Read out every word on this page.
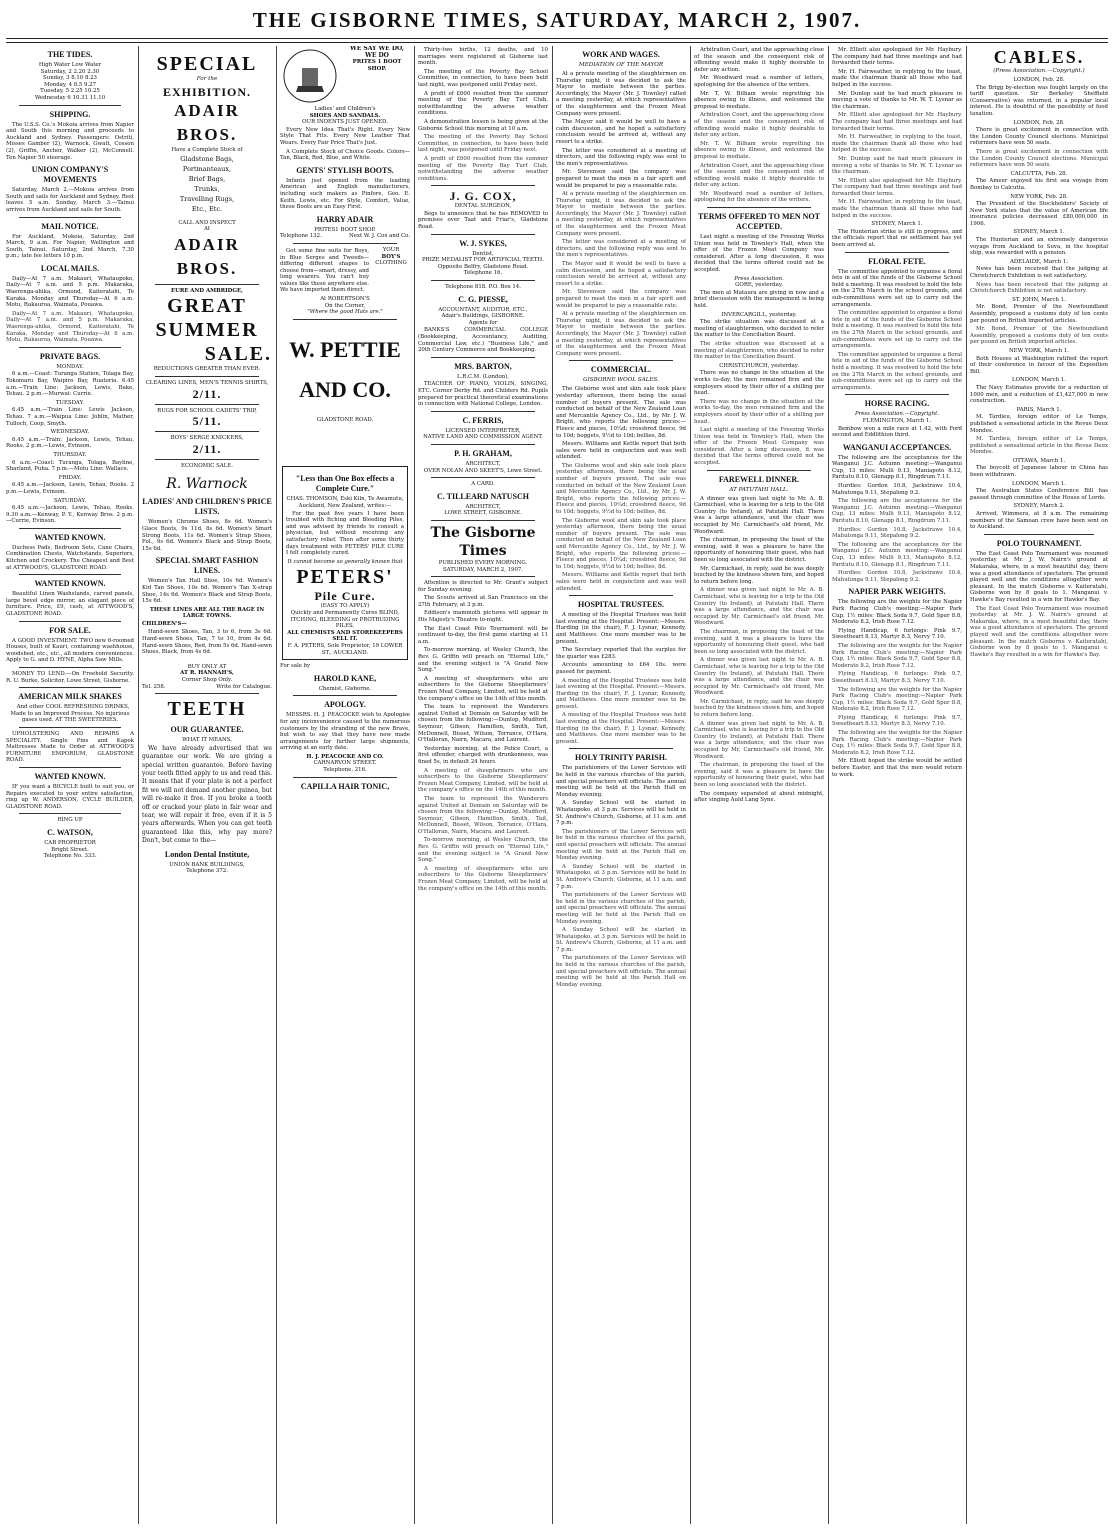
THE GISBORNE TIMES, SATURDAY, MARCH 2, 1907.
THE TIDES.
High Water Low Water
Saturday, 2 2.20 2.30
Sunday, 3 8.10 8.23
Monday, 4 8.5 9.27
Tuesday, 5 2.25 10.25
Wednesday 6 10.31 11.10
SHIPPING.
The U.S.S. Co.'s Mokoia arrives from Napier and South this morning and proceeds to Auckland and Sydney. Passengers: Ostriti, Misses Gamber (2), Warnock, Gwatt, Cosson (2), Griffin, Anchor, Walker (2), McConnell. Ten Napier 50 steerage.
UNION COMPANY'S MOVEMENTS
Saturday, March 2.—Mokoia arrives from South and sails for Auckland and Sydney. Rest leaves 5 a.m. Sunday, March 3.—Tainui arrives from Auckland and sails for South.
MAIL NOTICE.
For Auckland, Mokoia, Saturday, 2nd March, 9 a.m. For Napier, Wellington and South, Tainui, Saturday, 2nd March, 7.30 p.m.; late fee letters 10 p.m.
LOCAL MAILS.
Daily—At 7 a.m. Makauri, Whataupoko, Daily—At 7 a.m. and 5 p.m. Makaraka, Waerenga-ahika, Ormond, Kaiteratahi, Te Karaka. Monday and Thursday—At 6 a.m. Motu, Rakauroa, Waimata, Pouawa.
Daily—At 7 a.m. Makauri, Whataupoko, Daily—At 7 a.m. and 5 p.m. Makaraka, Waerenga-ahika, Ormond, Kaiteratahi, Te Karaka. Monday and Thursday—At 6 a.m. Motu, Rakauroa, Waimata, Pouawa.
PRIVATE BAGS.
MONDAY.
6 a.m.—Coast: Turanga Station, Tolaga Bay, Tokomaru Bay, Waipiro Bay, Ruatoria. 6.45 a.m.—Train Line: Jackson, Lewis, Bake, Tehau. 2 p.m.—Murwai: Currie.
TUESDAY.
6.45 a.m.—Train Line: Lewis Jackson, Tehau. 7 a.m.—Waipua Line: Joblin, Mather, Tulloch, Coop, Smyth.
WEDNESDAY.
6.45 a.m.—Train: Jackson, Lewis, Tehau, Rooks. 2 p.m.—Lewis, Evinson.
THURSDAY.
6 a.m.—Coast: Turanga, Tolaga, Bayline, Sharland, Puha. 7 p.m.—Motu Line: Wallace.
FRIDAY.
6.45 a.m.—Jackson, Lewis, Tehau, Rooks. 2 p.m.—Lewis, Evinson.
SATURDAY.
6.45 a.m.—Jackson, Lewis, Tehau, Rooks. 9.30 a.m.—Kenway, P. Y., Kenway Bros. 2 p.m.—Currie, Evinson.
WANTED KNOWN.
Duchess Pads, Bedroom Sets, Cane Chairs, Combination Chests, Watchstands, Superiors, Kitchen and Crockery. The Cheapest and Best at ATTWOOD'S, GLADSTONE ROAD.
WANTED KNOWN.
Beautiful Linen Washstands, carved panels, large bevel edge mirror, an elegant piece of furniture. Price, £9, cash, at ATTWOOD'S, GLADSTONE ROAD.
FOR SALE.
A GOOD INVESTMENT. TWO new 6-roomed Houses, built of Kauri, containing washhouse, woodshed, etc., etc., all modern conveniences. Apply to G. and D. HYNE, Alpha Saw Mills.
MONEY TO LEND.—On Freehold Security. R. U. Burke, Solicitor, Lowe Street, Gisborne.
AMERICAN MILK SHAKES
And other COOL REFRESHING DRINKS, Made to an Improved Process. No injurious gases used. AT THE SWEETERIES.
UPHOLSTERING AND REPAIRS A SPECIALITY. Single Pins and Kapok Mattresses Made to Order at ATTWOOD'S FURNITURE EMPORIUM, GLADSTONE ROAD.
WANTED KNOWN.
IF you want a BICYCLE built to suit you, or Repairs executed to your entire satisfaction, ring up W. ANDERSON, CYCLE BUILDER, GLADSTONE ROAD.
RING UP
C. WATSON,
CAB PROPRIETOR
Bright Street.
Telephone No. 333.
SPECIAL
For the
EXHIBITION.
ADAIR BROS.
Have a Complete Stock of
Gladstone Bags,
Portmanteaux,
Brief Bags,
Trunks,
Travelling Rugs,
Etc., Etc.
CALL AND INSPECT
At
ADAIR BROS.
EURE AND AMBRIDGE,
GREAT
SUMMER
SALE.
REDUCTIONS GREATER THAN EVER.
CLEARING LINES, MEN'S TENNIS SHIRTS,
2/11.
RUGS FOR SCHOOL CADETS' TRIP,
5/11.
BOYS' SERGE KNICKERS,
2/11.
ECONOMIC SALE.
R. Warnock
LADIES' AND CHILDREN'S PRICE LISTS.
Women's Chrome Shoes, 8s 6d. Women's Glace Boots, 9s 11d, 8s 6d. Women's Smart Strong Boots, 11s 6d. Women's Strap Shoes, Fol., 9s 6d. Women's Black and Strap Boots, 15s 6d.
SPECIAL SMART FASHION LINES.
Women's Tan Hall Shoe, 10s 6d. Women's Kid Tan Shoes, 10s 6d. Women's Tan X-strap Shoe, 14s 6d. Women's Black and Strap Boots, 15s 6d.
THESE LINES ARE ALL THE RAGE IN LARGE TOWNS.
CHILDREN'S—
Hand-sewn Shoes, Tan, 3 to 6, from 3s 6d. Hand-sewn Shoes, Tan, 7 to 10, from 4s 6d. Hand-sewn Shoes, Red, from 5s 6d. Hand-sewn Shoes, Black, from 4s 6d.
BUY ONLY AT
AT R. HANNAH'S,
Corner Shop Only.
Tel. 258.	Write for Catalogue.
TEETH
OUR GUARANTEE.
WHAT IT MEANS.
We have already advertised that we guarantee our work. We are giving a special written guarantee. Before having your teeth fitted apply to us and read this. It means that if your plate is not a perfect fit we will not demand another guinea, but will re-make it free. If you broke a tooth off or cracked your plate in fair wear and tear, we will repair it free, even if it is 5 years afterwards. When you can get teeth guaranteed like this, why pay more? Don't, but come to the—
London Dental Institute,
UNION BANK BUILDINGS,
Telephone 372.
WE SAY WE DO, WE DO
PRITES 1 BOOT SHOP.
Ladies' and Children's
SHOES AND SANDALS.
OUR INDENTS JUST OPENED.
Every New Idea That's Right. Every New Style That Fits. Every New Leather That Wears. Every Fair Price That's Just.
A Complete Stock of Choice Goods. Colors—Tan, Black, Red, Blue, and White.
GENTS' STYLISH BOOTS.
Infants just opened from the leading American and English manufacturers, including such makers as Pinfore, Geo. E. Keith, Lewis, etc. For Style, Comfort, Value, these Boots are an Easy First.
HARRY ADAIR
PRITES1 BOOT SHOP.
Telephone 132.	Next W. J. Cox and Co.
Got some fine suits for Boys, in Blue Serges and Tweeds—differing different shapes to choose from—smart, dressy, and long wearers. You can't buy values like these anywhere else. We have imported them direct.
YOUR
BOY'S
CLOTHING
At ROBERTSON'S
On the Corner,
"Where the good Hats are."
W. PETTIE
AND CO.
GLADSTONE ROAD.
"Less than One Box effects a Complete Cure."
CHAS. THOMSON, Eski Kiln, Te Awamutu, Auckland, New Zealand, writes:—
For the past five years I have been troubled with Itching and Bleeding Piles, and was advised by friends to consult a physician, but without receiving any satisfactory relief. Then after some thirty days treatment with PETERS' PILE CURE I felt completely cured.
It cannot become so generally known that
PETERS'
Pile Cure.
(EASY TO APPLY)
Quickly and Permanently Cures BLIND, ITCHING, BLEEDING or PROTRUDING PILES,
ALL CHEMISTS AND STOREKEEPERS SELL IT.
F. A. PETERS, Sole Proprietor, 19 LOWER ST., AUCKLAND.
For sale by
HAROLD KANE,
Chemist, Gisborne.
APOLOGY.
MESSRS. H. J. PEACOCKE wish to Apologise for any inconvenience caused to the numerous customers by the stranding of the new Brave, but wish to say that they have now made arrangements for further large shipments, arriving at an early date.
H. J. PEACOCKE AND CO.
CARNARVON STREET.
Telephone, 216.
CAPILLA HAIR TONIC,
Thirty-two births, 12 deaths, and 10 marriages were registered at Gisborne last month.
The meeting of the Poverty Bay School Committee, in connection, to have been held last night, was postponed until Friday next.
A profit of £600 resulted from the summer meeting of the Poverty Bay Turf Club, notwithstanding the adverse weather conditions.
A demonstration lesson is being given at the Gisborne School this morning at 10 a.m.
The meeting of the Poverty Bay School Committee, in connection, to have been held last night, was postponed until Friday next.
A profit of £600 resulted from the summer meeting of the Poverty Bay Turf Club, notwithstanding the adverse weather conditions.
J. G. COX,
DENTAL SURGEON,
Begs to announce that he has REMOVED to premises over Taat and Friar's, Gladstone Road.
W. J. SYKES,
Dentist,
PRIZE MEDALIST FOR ARTIFICIAL TEETH.
Opposite Belfry, Gladstone Road.
Telephone 16.
Telephone 818. P.O. Box 14.
C. G. PIESSE,
ACCOUNTANT, AUDITOR, ETC.,
Adair's Buildings, GISBORNE.
Agents for
BANKS'S COMMERCIAL COLLEGE (Bookkeeping, Accountancy, Auditing, Commercial Law, etc.) "Business Life," and 20th Century Commerce and Bookkeeping.
MRS. BARTON,
L.R.C.M. (London),
TEACHER OF PIANO, VIOLIN, SINGING, ETC. Corner Derby Rd. and Childers Rd. Pupils prepared for practical theoretical examinations in connection with National College, London.
C. FERRIS,
LICENSED INTERPRETER,
NATIVE LAND AND COMMISSION AGENT.
P. H. GRAHAM,
ARCHITECT,
OVER NOLAN AND SKEET'S, Lowe Street.
A CARD.
C. TILLEARD NATUSCH
ARCHITECT,
LOWE STREET, GISBORNE.
The Gisborne Times
PUBLISHED EVERY MORNING.
SATURDAY, MARCH 2, 1907.
Attention is directed to Mr. Grant's subject for Sunday evening.
The Scouts arrived at San Francisco on the 27th February, at 3 p.m.
Eddison's mammoth pictures will appear in His Majesty's Theatre to-night.
The East Coast Polo Tournament will be continued to-day, the first game starting at 11 a.m.
To-morrow morning, at Wesley Church, the Rev. G. Griffin will preach on "Eternal Life," and the evening subject is "A Grand New Song."
A meeting of sheepfarmers who are subscribers to the Gisborne Sheepfarmers' Frozen Meat Company, Limited, will be held at the company's office on the 14th of this month.
The team to represent the Wanderers against United at Domain on Saturday will be chosen from the following:—Dunlop, Mudford, Seymour, Gibson, Hamilton, Smith, Tait, McDonnell, Bisset, Wilson, Torrance, O'Hara, O'Halloran, Nairn, Macara, and Laurent.
Yesterday morning, at the Police Court, a first offender, charged with drunkenness, was fined 5s, in default 24 hours.
A meeting of sheepfarmers who are subscribers to the Gisborne Sheepfarmers' Frozen Meat Company, Limited, will be held at the company's office on the 14th of this month.
The team to represent the Wanderers against United at Domain on Saturday will be chosen from the following:—Dunlop, Mudford, Seymour, Gibson, Hamilton, Smith, Tait, McDonnell, Bisset, Wilson, Torrance, O'Hara, O'Halloran, Nairn, Macara, and Laurent.
To-morrow morning, at Wesley Church, the Rev. G. Griffin will preach on "Eternal Life," and the evening subject is "A Grand New Song."
A meeting of sheepfarmers who are subscribers to the Gisborne Sheepfarmers' Frozen Meat Company, Limited, will be held at the company's office on the 14th of this month.
WORK AND WAGES.
MEDIATION OF THE MAYOR
At a private meeting of the slaughtermen on Thursday night, it was decided to ask the Mayor to mediate between the parties. Accordingly, the Mayor (Mr. J. Townley) called a meeting yesterday, at which representatives of the slaughtermen and the Frozen Meat Company were present.
The Mayor said it would be well to have a calm discussion, and he hoped a satisfactory conclusion would be arrived at, without any resort to a strike.
The letter was considered at a meeting of directors, and the following reply was sent to the men's representatives.
Mr. Stevenson said the company was prepared to meet the men in a fair spirit and would be prepared to pay a reasonable rate.
At a private meeting of the slaughtermen on Thursday night, it was decided to ask the Mayor to mediate between the parties. Accordingly, the Mayor (Mr. J. Townley) called a meeting yesterday, at which representatives of the slaughtermen and the Frozen Meat Company were present.
The letter was considered at a meeting of directors, and the following reply was sent to the men's representatives.
The Mayor said it would be well to have a calm discussion, and he hoped a satisfactory conclusion would be arrived at, without any resort to a strike.
Mr. Stevenson said the company was prepared to meet the men in a fair spirit and would be prepared to pay a reasonable rate.
At a private meeting of the slaughtermen on Thursday night, it was decided to ask the Mayor to mediate between the parties. Accordingly, the Mayor (Mr. J. Townley) called a meeting yesterday, at which representatives of the slaughtermen and the Frozen Meat Company were present.
COMMERCIAL.
GISBORNE WOOL SALES.
The Gisborne wool and skin sale took place yesterday afternoon, there being the usual number of buyers present. The sale was conducted on behalf of the New Zealand Loan and Mercantile Agency Co., Ltd., by Mr. J. W. Bright, who reports the following prices:—Fleece and pieces, 10¼d; crossbred fleece, 9d to 10d; hoggets, 9½d to 10d; bellies, 8d.
Messrs. Williams and Kettle report that both sales were held in conjunction and was well attended.
The Gisborne wool and skin sale took place yesterday afternoon, there being the usual number of buyers present. The sale was conducted on behalf of the New Zealand Loan and Mercantile Agency Co., Ltd., by Mr. J. W. Bright, who reports the following prices:—Fleece and pieces, 10¼d; crossbred fleece, 9d to 10d; hoggets, 9½d to 10d; bellies, 8d.
The Gisborne wool and skin sale took place yesterday afternoon, there being the usual number of buyers present. The sale was conducted on behalf of the New Zealand Loan and Mercantile Agency Co., Ltd., by Mr. J. W. Bright, who reports the following prices:—Fleece and pieces, 10¼d; crossbred fleece, 9d to 10d; hoggets, 9½d to 10d; bellies, 8d.
Messrs. Williams and Kettle report that both sales were held in conjunction and was well attended.
HOSPITAL TRUSTEES.
A meeting of the Hospital Trustees was held last evening at the Hospital. Present:—Messrs. Harding (in the chair), F. J. Lysnar, Kennedy, and Matthews. One more member was to be present.
The Secretary reported that the surplus for the quarter was £283.
Accounts amounting to £64 18s. were passed for payment.
A meeting of the Hospital Trustees was held last evening at the Hospital. Present:—Messrs. Harding (in the chair), F. J. Lysnar, Kennedy, and Matthews. One more member was to be present.
A meeting of the Hospital Trustees was held last evening at the Hospital. Present:—Messrs. Harding (in the chair), F. J. Lysnar, Kennedy, and Matthews. One more member was to be present.
HOLY TRINITY PARISH.
The parishioners of the Lower Services will be held in the various churches of the parish, and special preachers will officiate. The annual meeting will be held at the Parish Hall on Monday evening.
A Sunday School will be started in Whataupoko, at 3 p.m. Services will be held in St. Andrew's Church, Gisborne, at 11 a.m. and 7 p.m.
The parishioners of the Lower Services will be held in the various churches of the parish, and special preachers will officiate. The annual meeting will be held at the Parish Hall on Monday evening.
A Sunday School will be started in Whataupoko, at 3 p.m. Services will be held in St. Andrew's Church, Gisborne, at 11 a.m. and 7 p.m.
The parishioners of the Lower Services will be held in the various churches of the parish, and special preachers will officiate. The annual meeting will be held at the Parish Hall on Monday evening.
A Sunday School will be started in Whataupoko, at 3 p.m. Services will be held in St. Andrew's Church, Gisborne, at 11 a.m. and 7 p.m.
The parishioners of the Lower Services will be held in the various churches of the parish, and special preachers will officiate. The annual meeting will be held at the Parish Hall on Monday evening.
Arbitration Court, and the approaching close of the season and the consequent risk of offending would make it highly desirable to defer any action.
Mr. Woodward read a number of letters, apologising for the absence of the writers.
Mr. T. W. Bilham wrote regretting his absence owing to illness, and welcomed the proposal to mediate.
Arbitration Court, and the approaching close of the season and the consequent risk of offending would make it highly desirable to defer any action.
Mr. T. W. Bilham wrote regretting his absence owing to illness, and welcomed the proposal to mediate.
Arbitration Court, and the approaching close of the season and the consequent risk of offending would make it highly desirable to defer any action.
Mr. Woodward read a number of letters, apologising for the absence of the writers.
TERMS OFFERED TO MEN NOT ACCEPTED.
Last night a meeting of the Freezing Works Union was held in Townley's Hall, when the offer of the Frozen Meat Company was considered. After a long discussion, it was decided that the terms offered could not be accepted.
Press Association.
GORE, yesterday.
The men at Mataura are giving in now and a brief discussion with the management is being held.
INVERCARGILL, yesterday.
The strike situation was discussed at a meeting of slaughtermen, who decided to refer the matter to the Conciliation Board.
The strike situation was discussed at a meeting of slaughtermen, who decided to refer the matter to the Conciliation Board.
CHRISTCHURCH, yesterday.
There was no change in the situation at the works to-day, the men remained firm and the employers stood by their offer of a shilling per head.
There was no change in the situation at the works to-day, the men remained firm and the employers stood by their offer of a shilling per head.
Last night a meeting of the Freezing Works Union was held in Townley's Hall, when the offer of the Frozen Meat Company was considered. After a long discussion, it was decided that the terms offered could not be accepted.
FAREWELL DINNER.
AT PATUTAHI HALL.
A dinner was given last night to Mr. A. B. Carmichael, who is leaving for a trip to the Old Country (to Ireland), at Patutahi Hall. There was a large attendance, and the chair was occupied by Mr. Carmichael's old friend, Mr. Woodward.
The chairman, in proposing the toast of the evening, said it was a pleasure to have the opportunity of honouring their guest, who had been so long associated with the district.
Mr. Carmichael, in reply, said he was deeply touched by the kindness shown him, and hoped to return before long.
A dinner was given last night to Mr. A. B. Carmichael, who is leaving for a trip to the Old Country (to Ireland), at Patutahi Hall. There was a large attendance, and the chair was occupied by Mr. Carmichael's old friend, Mr. Woodward.
The chairman, in proposing the toast of the evening, said it was a pleasure to have the opportunity of honouring their guest, who had been so long associated with the district.
A dinner was given last night to Mr. A. B. Carmichael, who is leaving for a trip to the Old Country (to Ireland), at Patutahi Hall. There was a large attendance, and the chair was occupied by Mr. Carmichael's old friend, Mr. Woodward.
Mr. Carmichael, in reply, said he was deeply touched by the kindness shown him, and hoped to return before long.
A dinner was given last night to Mr. A. B. Carmichael, who is leaving for a trip to the Old Country (to Ireland), at Patutahi Hall. There was a large attendance, and the chair was occupied by Mr. Carmichael's old friend, Mr. Woodward.
The chairman, in proposing the toast of the evening, said it was a pleasure to have the opportunity of honouring their guest, who had been so long associated with the district.
The company separated at about midnight, after singing Auld Lang Syne.
Mr. Elliott also apologised for Mr. Haybury. The company had had three meetings and had forwarded their terms.
Mr. H. Fairweather, in replying to the toast, made the chairman thank all those who had helped in the success.
Mr. Dunlop said he had much pleasure in moving a vote of thanks to Mr. W. T. Lysnar as the chairman.
Mr. Elliott also apologised for Mr. Haybury. The company had had three meetings and had forwarded their terms.
Mr. H. Fairweather, in replying to the toast, made the chairman thank all those who had helped in the success.
Mr. Dunlop said he had much pleasure in moving a vote of thanks to Mr. W. T. Lysnar as the chairman.
Mr. Elliott also apologised for Mr. Haybury. The company had had three meetings and had forwarded their terms.
Mr. H. Fairweather, in replying to the toast, made the chairman thank all those who had helped in the success.
SYDNEY, March 1.
The Hunterian strike is still in progress, and the officials report that no settlement has yet been arrived at.
FLORAL FETE.
The committee appointed to organise a floral fete in aid of the funds of the Gisborne School held a meeting. It was resolved to hold the fete on the 27th March in the school grounds, and sub-committees were set up to carry out the arrangements.
The committee appointed to organise a floral fete in aid of the funds of the Gisborne School held a meeting. It was resolved to hold the fete on the 27th March in the school grounds, and sub-committees were set up to carry out the arrangements.
The committee appointed to organise a floral fete in aid of the funds of the Gisborne School held a meeting. It was resolved to hold the fete on the 27th March in the school grounds, and sub-committees were set up to carry out the arrangements.
HORSE RACING.
Press Association.—Copyright.
FLEMINGTON, March 1.
Bembow won a mile race at 1.42, with Ford second and Eddlithion third.
WANGANUI ACCEPTANCES.
The following are the acceptances for the Wanganui J.C. Autumn meeting:—Wanganui Cup, 13 miles: Mulli 9.13, Maniapoto 8.12, Paritutu 8.10, Glenapp 8.1, Ringdrum 7.11.
Hurdles: Gordon 10.8, Jackstraws 10.4, Mahutonga 9.11, Stepalong 9.2.
The following are the acceptances for the Wanganui J.C. Autumn meeting:—Wanganui Cup, 13 miles: Mulli 9.13, Maniapoto 8.12, Paritutu 8.10, Glenapp 8.1, Ringdrum 7.11.
Hurdles: Gordon 10.8, Jackstraws 10.4, Mahutonga 9.11, Stepalong 9.2.
The following are the acceptances for the Wanganui J.C. Autumn meeting:—Wanganui Cup, 13 miles: Mulli 9.13, Maniapoto 8.12, Paritutu 8.10, Glenapp 8.1, Ringdrum 7.11.
Hurdles: Gordon 10.8, Jackstraws 10.4, Mahutonga 9.11, Stepalong 9.2.
NAPIER PARK WEIGHTS.
The following are the weights for the Napier Park Racing Club's meeting:—Napier Park Cup, 1½ miles: Black Soda 9.7, Gold Spur 8.8, Moderato 8.2, Irish Rose 7.12.
Flying Handicap, 6 furlongs: Pink 9.7, Sweetheart 8.13, Martyr 8.3, Nervy 7.10.
The following are the weights for the Napier Park Racing Club's meeting:—Napier Park Cup, 1½ miles: Black Soda 9.7, Gold Spur 8.8, Moderato 8.2, Irish Rose 7.12.
Flying Handicap, 6 furlongs: Pink 9.7, Sweetheart 8.13, Martyr 8.3, Nervy 7.10.
The following are the weights for the Napier Park Racing Club's meeting:—Napier Park Cup, 1½ miles: Black Soda 9.7, Gold Spur 8.8, Moderato 8.2, Irish Rose 7.12.
Flying Handicap, 6 furlongs: Pink 9.7, Sweetheart 8.13, Martyr 8.3, Nervy 7.10.
The following are the weights for the Napier Park Racing Club's meeting:—Napier Park Cup, 1½ miles: Black Soda 9.7, Gold Spur 8.8, Moderato 8.2, Irish Rose 7.12.
Mr. Elliott hoped the strike would be settled before Easter, and that the men would return to work.
CABLES.
(Press Association.—Copyright.)
LONDON, Feb. 28.
The Brigg by-election was fought largely on the tariff question. Sir Berkeley Sheffield (Conservative) was returned, in a popular local interest. He is doubtful of the possibility of food taxation.
LONDON, Feb. 28.
There is great excitement in connection with the London County Council elections. Municipal reformers have won 50 seats.
There is great excitement in connection with the London County Council elections. Municipal reformers have won 50 seats.
CALCUTTA, Feb. 28.
The Ameer enjoyed his first sea voyage from Bombay to Calcutta.
NEW YORK, Feb. 28.
The President of the Stockholders' Society of New York states that the value of American life insurance policies decreased £80,000,000 in 1906.
SYDNEY, March 1.
The Hunterian and an extremely dangerous voyage from Auckland to Suva, in the hospital ship, was rewarded with a pension.
ADELAIDE, March 1.
News has been received that the judging at Christchurch Exhibition is not satisfactory.
News has been received that the judging at Christchurch Exhibition is not satisfactory.
ST. JOHN, March 1.
Mr. Bond, Premier of the Newfoundland Assembly, proposed a customs duty of ten cents per pound on British imported articles.
Mr. Bond, Premier of the Newfoundland Assembly, proposed a customs duty of ten cents per pound on British imported articles.
NEW YORK, March 1.
Both Houses at Washington ratified the report of their conference in favour of the Exposition Bill.
LONDON, March 1.
The Navy Estimates provide for a reduction of 1000 men, and a reduction of £1,427,000 in new construction.
PARIS, March 1.
M. Tardieu, foreign editor of Le Temps, published a sensational article in the Revue Deux Mondes.
M. Tardieu, foreign editor of Le Temps, published a sensational article in the Revue Deux Mondes.
OTTAWA, March 1.
The boycott of Japanese labour in China has been withdrawn.
LONDON, March 1.
The Australian States Conference Bill has passed through committee of the House of Lords.
SYDNEY, March 2.
Arrived, Wimmera, at 8 a.m. The remaining members of the Samoan crew have been sent on to Auckland.
POLO TOURNAMENT.
The East Coast Polo Tournament was resumed yesterday at Mr. J. W. Nairn's ground at Makaraka, where, in a most beautiful day, there was a good attendance of spectators. The ground played well and the conditions altogether were pleasant. In the match Gisborne v. Kaiteratahi, Gisborne won by 8 goals to 1. Manganui v. Hawke's Bay resulted in a win for Hawke's Bay.
The East Coast Polo Tournament was resumed yesterday at Mr. J. W. Nairn's ground at Makaraka, where, in a most beautiful day, there was a good attendance of spectators. The ground played well and the conditions altogether were pleasant. In the match Gisborne v. Kaiteratahi, Gisborne won by 8 goals to 1. Manganui v. Hawke's Bay resulted in a win for Hawke's Bay.
